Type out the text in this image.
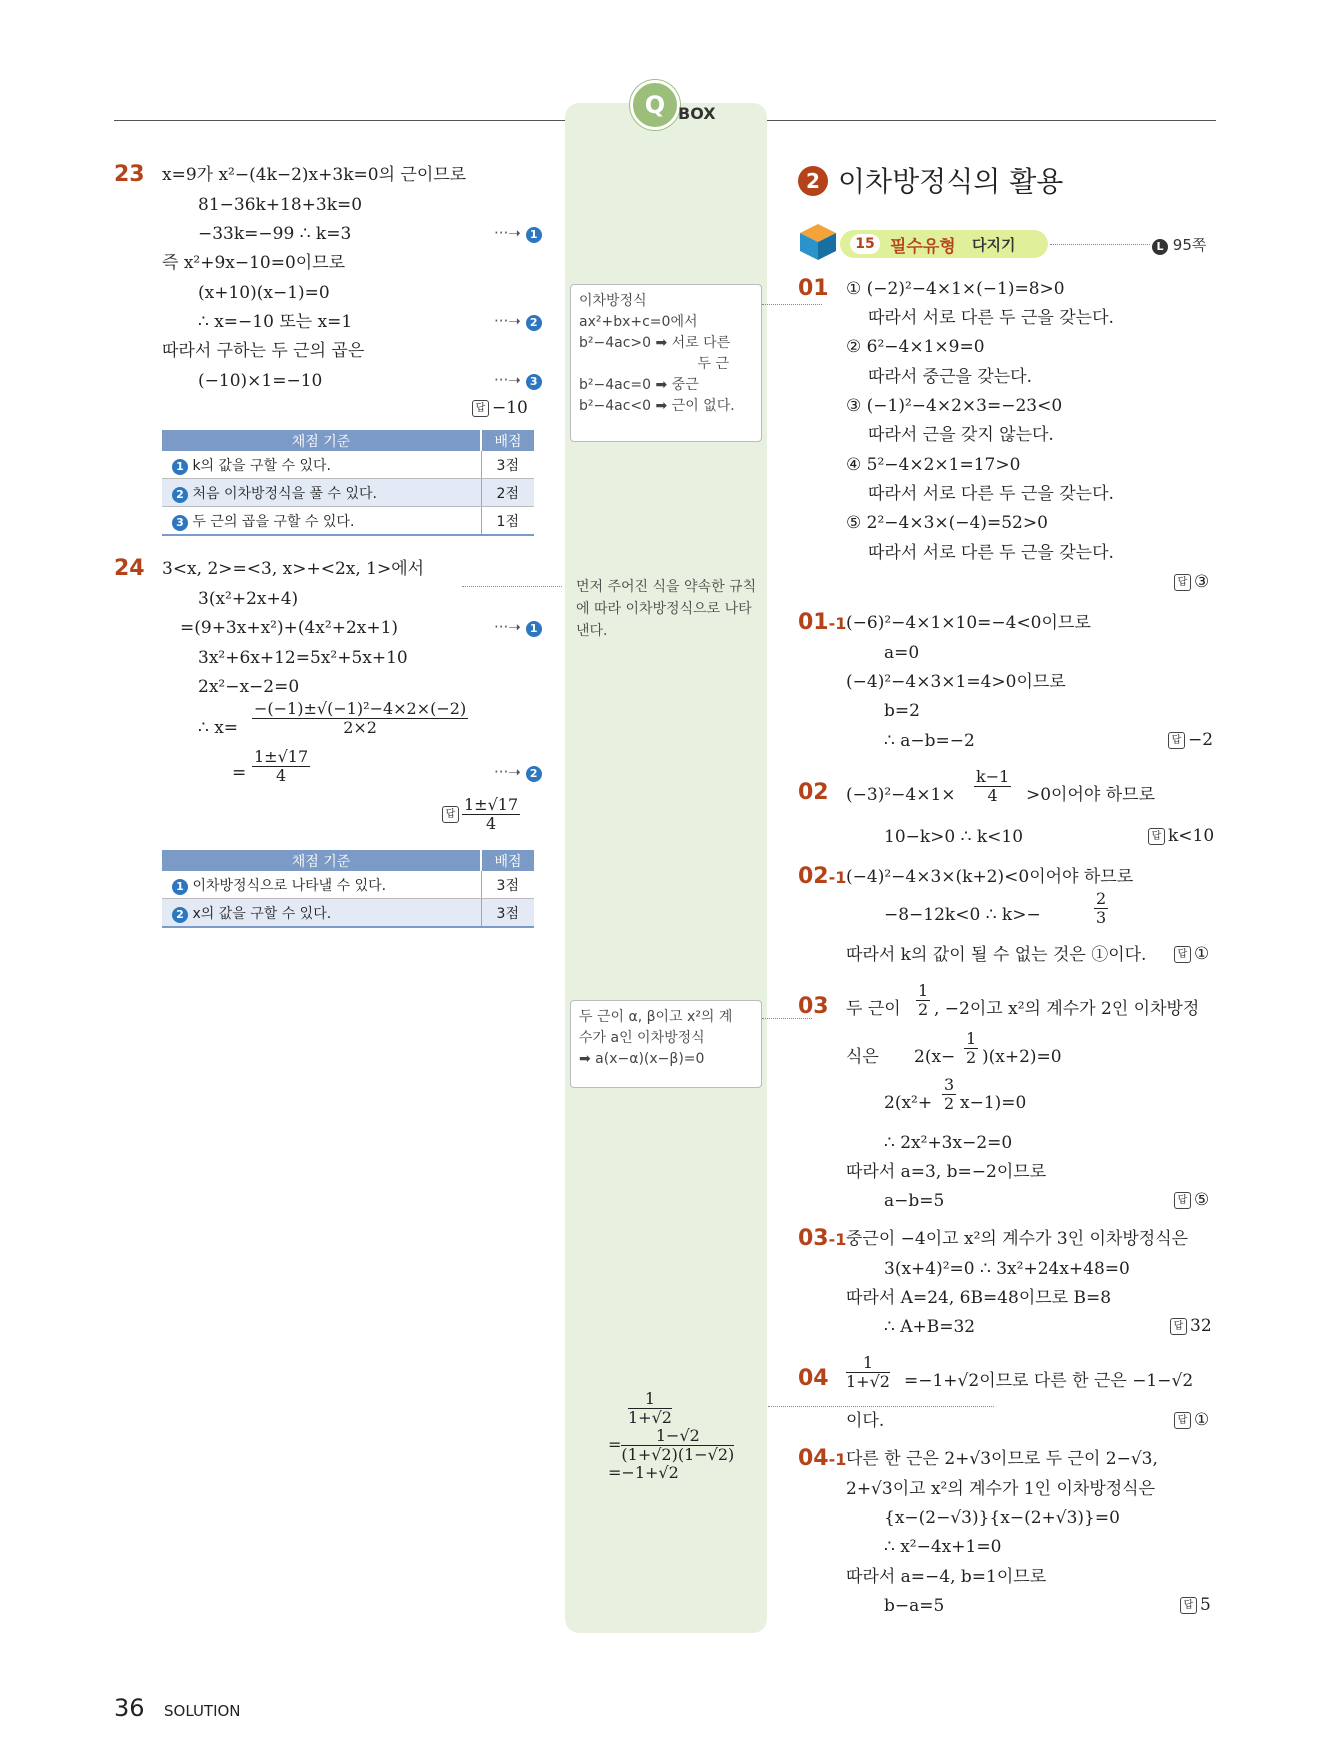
Q BOX
23 x=9가 x²−(4k−2)x+3k=0의 근이므로
81−36k+18+3k=0
−33k=−99 ∴ k=3	···➝ 1
즉 x²+9x−10=0이므로
(x+10)(x−1)=0
∴ x=−10 또는 x=1	···➝ 2
따라서 구하는 두 근의 곱은
(−10)×1=−10	···➝ 3
답 −10
채점 기준	배점
1 k의 값을 구할 수 있다.	3점
2 처음 이차방정식을 풀 수 있다.	2점
3 두 근의 곱을 구할 수 있다.	1점
24 3<x, 2>=<3, x>+<2x, 1>에서
3(x²+2x+4)
=(9+3x+x²)+(4x²+2x+1)	···➝ 1
3x²+6x+12=5x²+5x+10
2x²−x−2=0
∴ $x= \frac{\text{−(−1)±√(−1)²−4×2×(−2)}}{2\times 2}$
= $\frac{1\pm√17}{4}$	···➝ 2
답 $\frac{1\pm√17}{4}$
채점 기준	배점
1 이차방정식으로 나타낼 수 있다.	3점
2 x의 값을 구할 수 있다.	3점
이차방정식
ax²+bx+c=0에서
b²−4ac>0 ➡ 서로 다른
두 근
b²−4ac=0 ➡ 중근
b²−4ac<0 ➡ 근이 없다.
먼저 주어진 식을 약속한 규칙에 따라 이차방정식으로 나타낸다.
두 근이 α, β이고 x²의 계
수가 a인 이차방정식
➡ a(x−α)(x−β)=0
$\frac{1}{1+√2}$
= $\frac{1-√2}{(1+√2)(1-√2)}$
=−1+√2
2 이차방정식의 활용
15 필수유형 다지기	L 95쪽
01 ① (−2)²−4×1×(−1)=8>0
따라서 서로 다른 두 근을 갖는다.
② 6²−4×1×9=0
따라서 중근을 갖는다.
③ (−1)²−4×2×3=−23<0
따라서 근을 갖지 않는다.
④ 5²−4×2×1=17>0
따라서 서로 다른 두 근을 갖는다.
⑤ 2²−4×3×(−4)=52>0
따라서 서로 다른 두 근을 갖는다.
답 ③
01-1 (−6)²−4×1×10=−4<0이므로
a=0
(−4)²−4×3×1=4>0이므로
b=2
∴ a−b=−2	답 −2
02 $(-3)^2-4\times 1\times \frac{k-1}{4} >0$이어야 하므로
10−k>0 ∴ k<10	답 k<10
02-1 (−4)²−4×3×(k+2)<0이어야 하므로
−8−12k<0 ∴ k>−	$\frac{2}{3}$
따라서 k의 값이 될 수 없는 것은 ①이다.	답 ①
03 두 근이 $\frac{1}{2}$ , −2이고 x²의 계수가 2인 이차방정
식은 $2(x- \frac{1}{2} )(x+2)=0$
$2(x^2+ \frac{3}{2} x-1)=0$
∴ 2x²+3x−2=0
따라서 a=3, b=−2이므로
a−b=5	답 ⑤
03-1 중근이 −4이고 x²의 계수가 3인 이차방정식은
3(x+4)²=0 ∴ 3x²+24x+48=0
따라서 A=24, 6B=48이므로 B=8
∴ A+B=32	답 32
$04 \frac{1}{1+√2} =-1+√2$이므로 다른 한 근은 −1−√2
이다.	답 ①
04-1 다른 한 근은 2+√3이므로 두 근이 2−√3,
2+√3이고 x²의 계수가 1인 이차방정식은
{x−(2−√3)}{x−(2+√3)}=0
∴ x²−4x+1=0
따라서 a=−4, b=1이므로
b−a=5	답 5
36 SOLUTION
